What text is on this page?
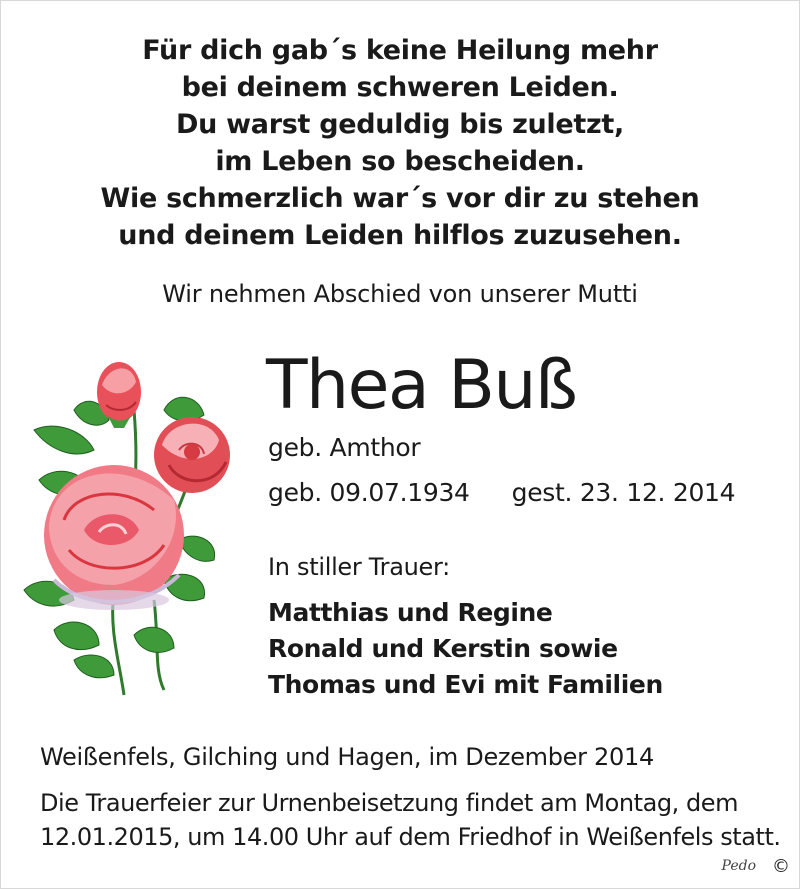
Für dich gab´s keine Heilung mehr
bei deinem schweren Leiden.
Du warst geduldig bis zuletzt,
im Leben so bescheiden.
Wie schmerzlich war´s vor dir zu stehen
und deinem Leiden hilflos zuzusehen.
Wir nehmen Abschied von unserer Mutti
Thea Buß
geb. Amthor
geb. 09.07.1934 gest. 23. 12. 2014
In stiller Trauer:
Matthias und Regine
Ronald und Kerstin sowie
Thomas und Evi mit Familien
Weißenfels, Gilching und Hagen, im Dezember 2014
Die Trauerfeier zur Urnenbeisetzung findet am Montag, dem
12.01.2015, um 14.00 Uhr auf dem Friedhof in Weißenfels statt.
Pedo ©
